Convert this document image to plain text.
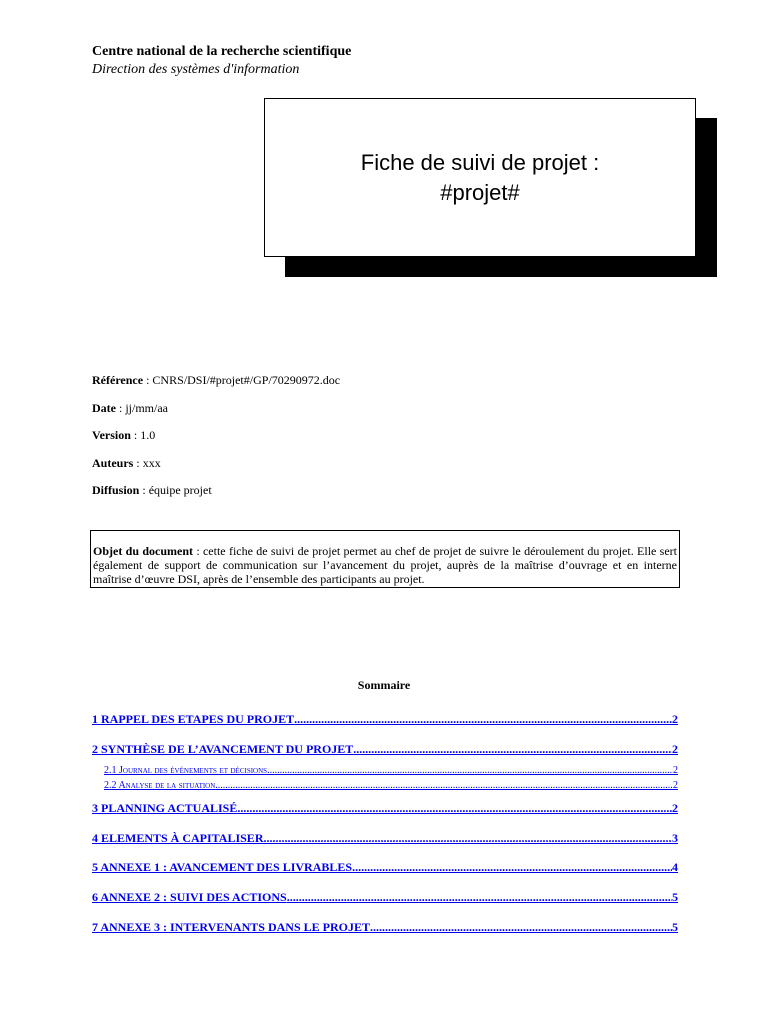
Centre national de la recherche scientifique
Direction des systèmes d'information
Fiche de suivi de projet :
#projet#
Référence : CNRS/DSI/#projet#/GP/70290972.doc
Date : jj/mm/aa
Version : 1.0
Auteurs : xxx
Diffusion : équipe projet
Objet du document : cette fiche de suivi de projet permet au chef de projet de suivre le déroulement du projet. Elle sert également de support de communication sur l’avancement du projet, auprès de la maîtrise d’ouvrage et en interne maîtrise d’œuvre DSI, après de l’ensemble des participants au projet.
Sommaire
1 RAPPEL DES ETAPES DU PROJET .....	2
2 SYNTHÈSE DE L’AVANCEMENT DU PROJET .....	2
2.1 Journal des événements et décisions .....	2
2.2 Analyse de la situation .....	2
3 PLANNING ACTUALISÉ .....	2
4 ELEMENTS À CAPITALISER .....	3
5 ANNEXE 1 : AVANCEMENT DES LIVRABLES .....	4
6 ANNEXE 2 : SUIVI DES ACTIONS .....	5
7 ANNEXE 3 : INTERVENANTS DANS LE PROJET .....	5
